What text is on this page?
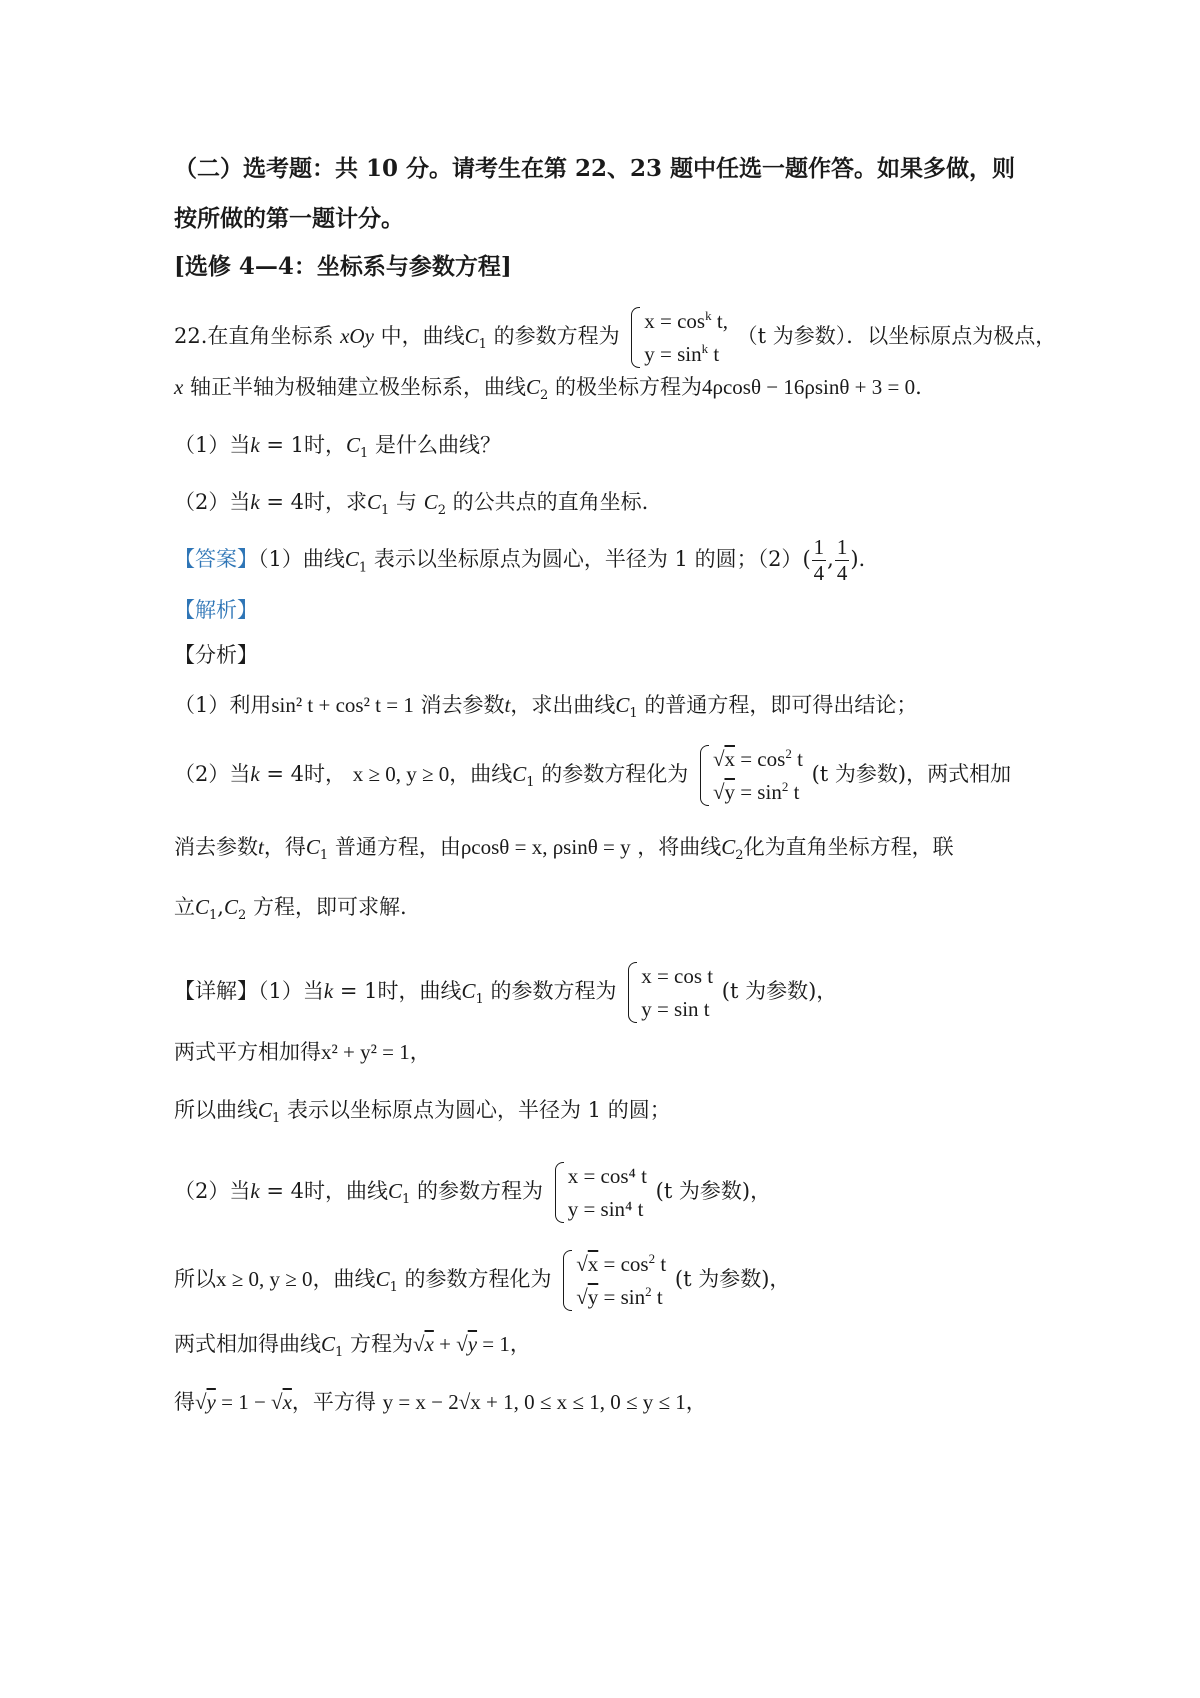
（二）选考题：共 10 分。请考生在第 22、23 题中任选一题作答。如果多做，则
按所做的第一题计分。
[选修 4—4：坐标系与参数方程]
22.在直角坐标系 xOy 中，曲线$C_1$ 的参数方程为
$x = \cos^k t$,
$y = \sin^k t$
（t 为参数）．以坐标原点为极点，
x 轴正半轴为极轴建立极坐标系，曲线$C_2$ 的极坐标方程为4ρcosθ − 16ρsinθ + 3 = 0.
（1）当k = 1时，$C_1$ 是什么曲线？
（2）当k = 4时，求$C_1$ 与 $C_2$ 的公共点的直角坐标.
【答案】（1）曲线$C_1$ 表示以坐标原点为圆心，半径为 1 的圆；$(2)( \frac{1}{4}$ , $\frac{1}{4}$ ).
【解析】
【分析】
（1）利用sin² t + cos² t = 1 消去参数t，求出曲线$C_1$ 的普通方程，即可得出结论；
（2）当k = 4时， x ≥ 0, y ≥ 0，曲线$C_1$ 的参数方程化为
$√x = \cos^2 t$
$√y = \sin^2 t$
(t 为参数)，两式相加
消去参数t，得$C_1$ 普通方程，由ρcosθ = x, ρsinθ = y ，将曲线$C_2$化为直角坐标方程，联
立$C_1,C_2$ 方程，即可求解.
【详解】（1）当k = 1时，曲线$C_1$ 的参数方程为
x = cos t
y = sin t
(t 为参数)，
两式平方相加得x² + y² = 1，
所以曲线$C_1$ 表示以坐标原点为圆心，半径为 1 的圆；
（2）当k = 4时，曲线$C_1$ 的参数方程为
x = cos⁴ t
y = sin⁴ t
(t 为参数)，
所以x ≥ 0, y ≥ 0，曲线$C_1$ 的参数方程化为
$√x = \cos^2 t$
$√y = \sin^2 t$
(t 为参数)，
两式相加得曲线$C_1$ 方程为√x + √y = 1，
得√y = 1 − √x，平方得 y = x − 2√x + 1, 0 ≤ x ≤ 1, 0 ≤ y ≤ 1，
